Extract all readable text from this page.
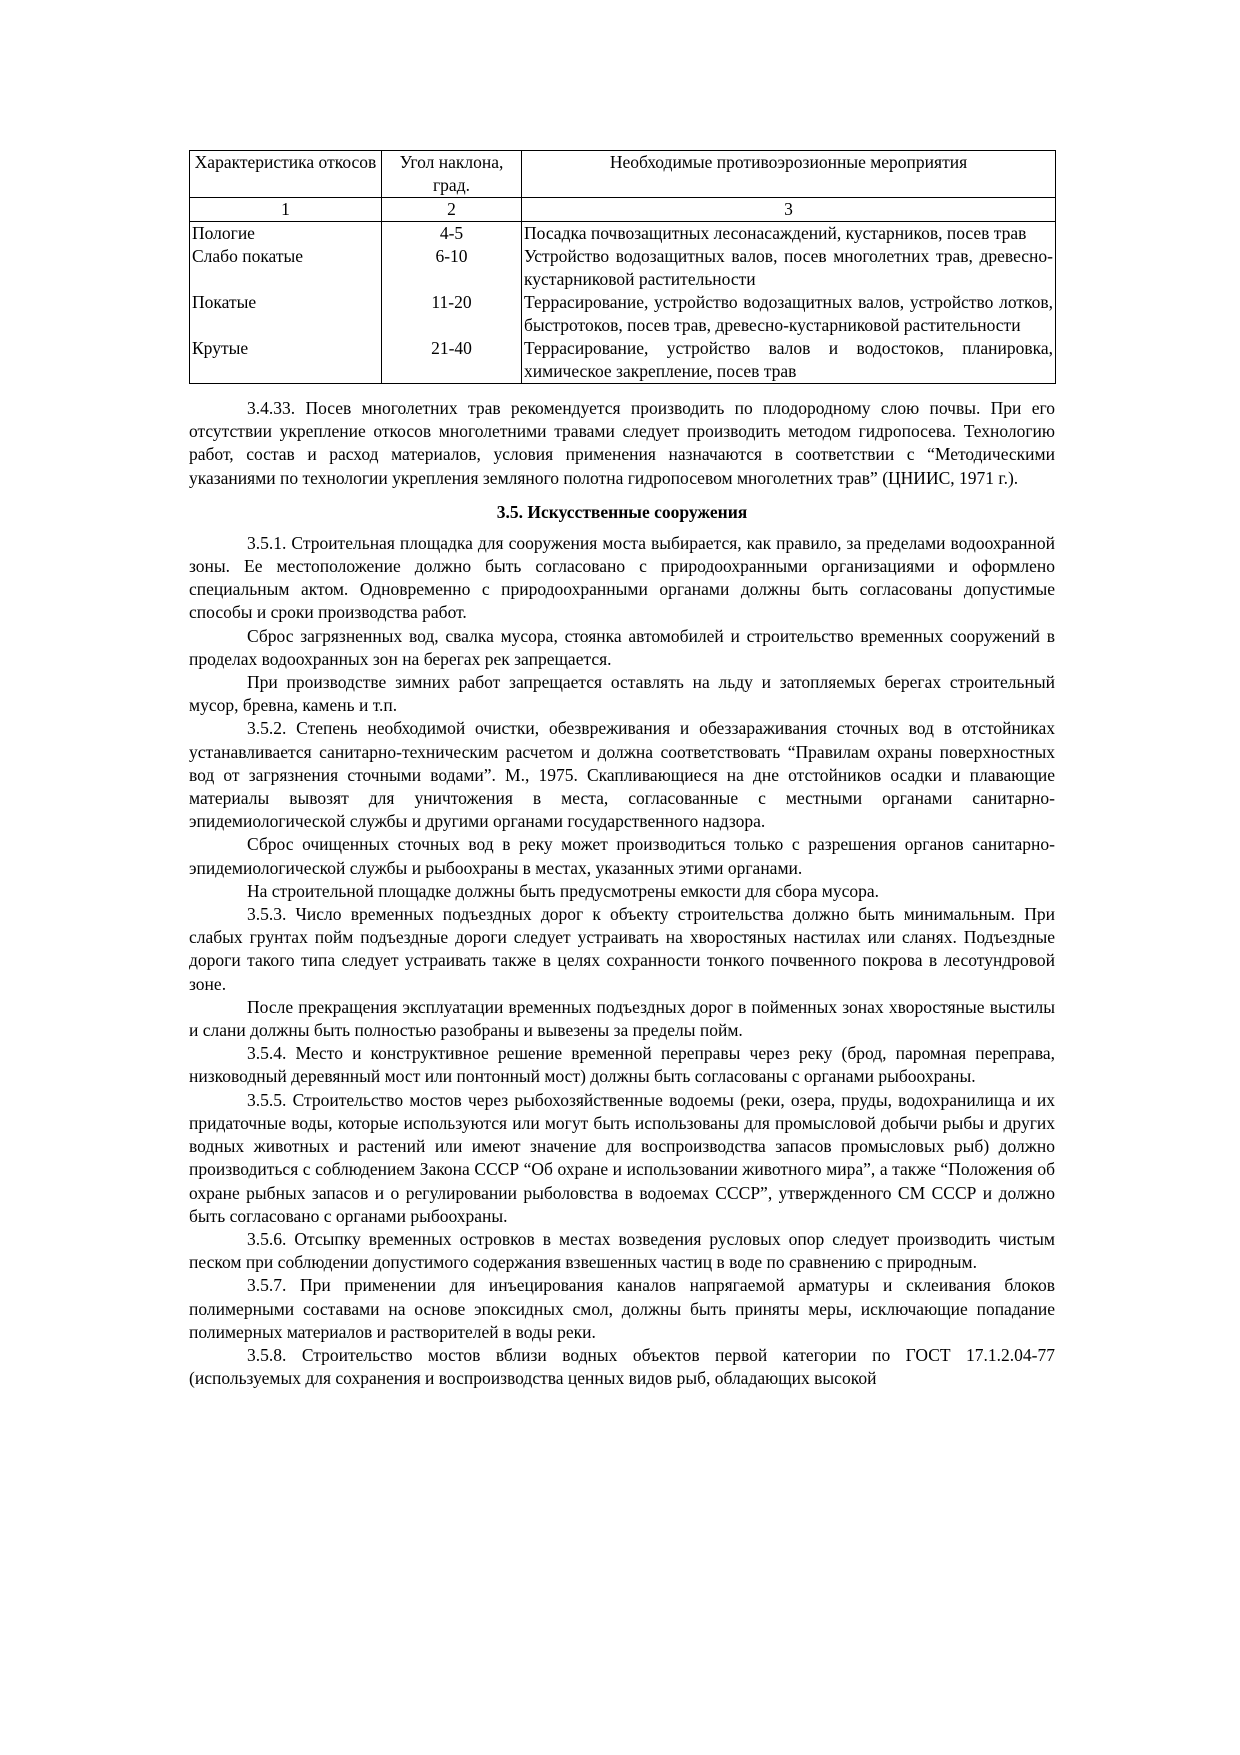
Характеристика откосов	Угол наклона, град.	Необходимые противоэрозионные мероприятия
1	2	3
Пологие	4-5	Посадка почвозащитных лесонасаждений, кустарников, посев трав
Слабо покатые	6-10	Устройство водозащитных валов, посев многолетних трав, древесно-кустарниковой растительности
Покатые	11-20	Террасирование, устройство водозащитных валов, устройство лотков, быстротоков, посев трав, древесно-кустарниковой растительности
Крутые	21-40	Террасирование, устройство валов и водостоков, планировка, химическое закрепление, посев трав

3.4.33. Посев многолетних трав рекомендуется производить по плодородному слою почвы. При его отсутствии укрепление откосов многолетними травами следует производить методом гидропосева. Технологию работ, состав и расход материалов, условия применения назначаются в соответствии с “Методическими указаниями по технологии укрепления земляного полотна гидропосевом многолетних трав” (ЦНИИС, 1971 г.).

3.5. Искусственные сооружения

3.5.1. Строительная площадка для сооружения моста выбирается, как правило, за пределами водоохранной зоны. Ее местоположение должно быть согласовано с природоохранными организациями и оформлено специальным актом. Одновременно с природоохранными органами должны быть согласованы допустимые способы и сроки производства работ.

Сброс загрязненных вод, свалка мусора, стоянка автомобилей и строительство временных сооружений в проделах водоохранных зон на берегах рек запрещается.

При производстве зимних работ запрещается оставлять на льду и затопляемых берегах строительный мусор, бревна, камень и т.п.

3.5.2. Степень необходимой очистки, обезвреживания и обеззараживания сточных вод в отстойниках устанавливается санитарно-техническим расчетом и должна соответствовать “Правилам охраны поверхностных вод от загрязнения сточными водами”. М., 1975. Скапливающиеся на дне отстойников осадки и плавающие материалы вывозят для уничтожения в места, согласованные с местными органами санитарно-эпидемиологической службы и другими органами государственного надзора.

Сброс очищенных сточных вод в реку может производиться только с разрешения органов санитарно-эпидемиологической службы и рыбоохраны в местах, указанных этими органами.

На строительной площадке должны быть предусмотрены емкости для сбора мусора.

3.5.3. Число временных подъездных дорог к объекту строительства должно быть минимальным. При слабых грунтах пойм подъездные дороги следует устраивать на хворостяных настилах или сланях. Подъездные дороги такого типа следует устраивать также в целях сохранности тонкого почвенного покрова в лесотундровой зоне.

После прекращения эксплуатации временных подъездных дорог в пойменных зонах хворостяные выстилы и слани должны быть полностью разобраны и вывезены за пределы пойм.

3.5.4. Место и конструктивное решение временной переправы через реку (брод, паромная переправа, низководный деревянный мост или понтонный мост) должны быть согласованы с органами рыбоохраны.

3.5.5. Строительство мостов через рыбохозяйственные водоемы (реки, озера, пруды, водохранилища и их придаточные воды, которые используются или могут быть использованы для промысловой добычи рыбы и других водных животных и растений или имеют значение для воспроизводства запасов промысловых рыб) должно производиться с соблюдением Закона СССР “Об охране и использовании животного мира”, а также “Положения об охране рыбных запасов и о регулировании рыболовства в водоемах СССР”, утвержденного СМ СССР и должно быть согласовано с органами рыбоохраны.

3.5.6. Отсыпку временных островков в местах возведения русловых опор следует производить чистым песком при соблюдении допустимого содержания взвешенных частиц в воде по сравнению с природным.

3.5.7. При применении для инъецирования каналов напрягаемой арматуры и склеивания блоков полимерными составами на основе эпоксидных смол, должны быть приняты меры, исключающие попадание полимерных материалов и растворителей в воды реки.

3.5.8. Строительство мостов вблизи водных объектов первой категории по ГОСТ 17.1.2.04-77 (используемых для сохранения и воспроизводства ценных видов рыб, обладающих высокой
